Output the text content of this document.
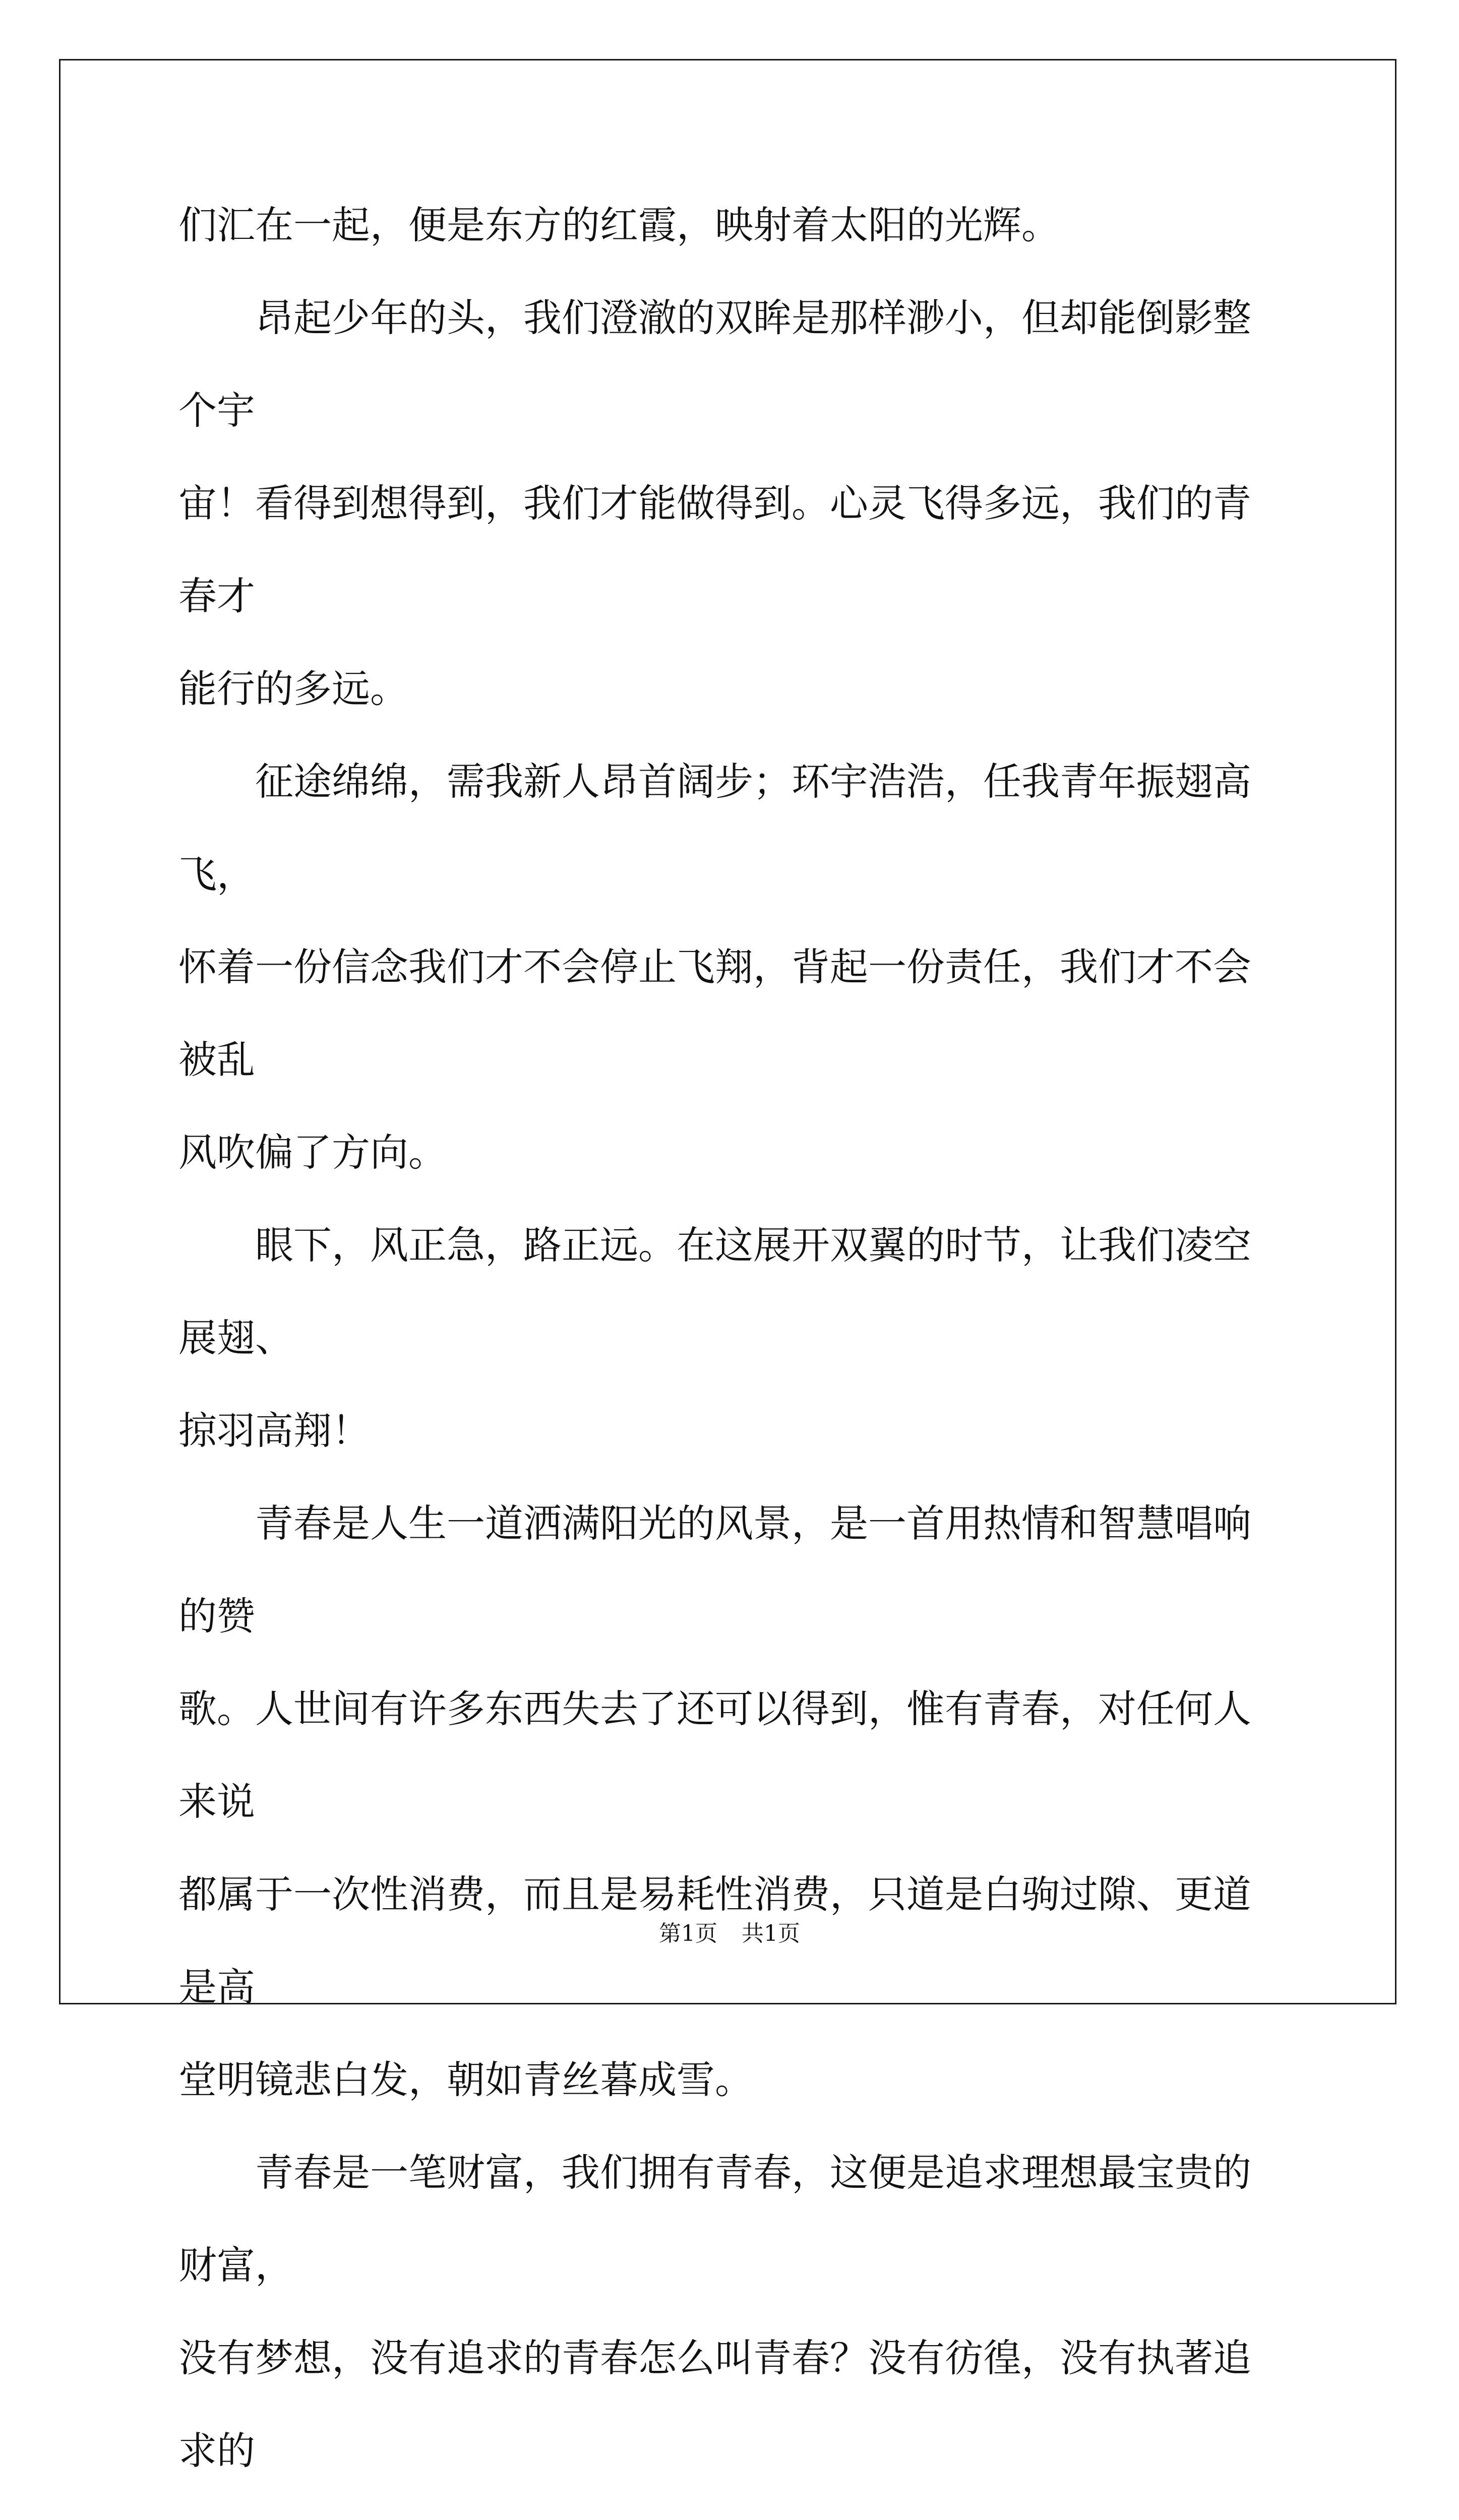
们汇在一起，便是东方的红霞，映射着太阳的光辉。
昂起少年的头，我们澄澈的双眸是那样渺小，但却能倒影整个宇
宙！看得到想得到，我们才能做得到。心灵飞得多远，我们的青春才
能行的多远。
征途绵绵，需我新人昂首阔步；环宇浩浩，任我青年振翅高飞，
怀着一份信念我们才不会停止飞翔，背起一份责任，我们才不会被乱
风吹偏了方向。
眼下，风正急，路正远。在这展开双翼的时节，让我们凌空展翅、
掠羽高翔！
青春是人生一道洒满阳光的风景，是一首用热情和智慧唱响的赞
歌。人世间有许多东西失去了还可以得到，惟有青春，对任何人来说
都属于一次性消费，而且是易耗性消费，只道是白驹过隙、更道是高
堂明镜悲白发，朝如青丝暮成雪。
青春是一笔财富，我们拥有青春，这便是追求理想最宝贵的财富，
没有梦想，没有追求的青春怎么叫青春？没有彷徨，没有执著追求的

第1页 共1页
